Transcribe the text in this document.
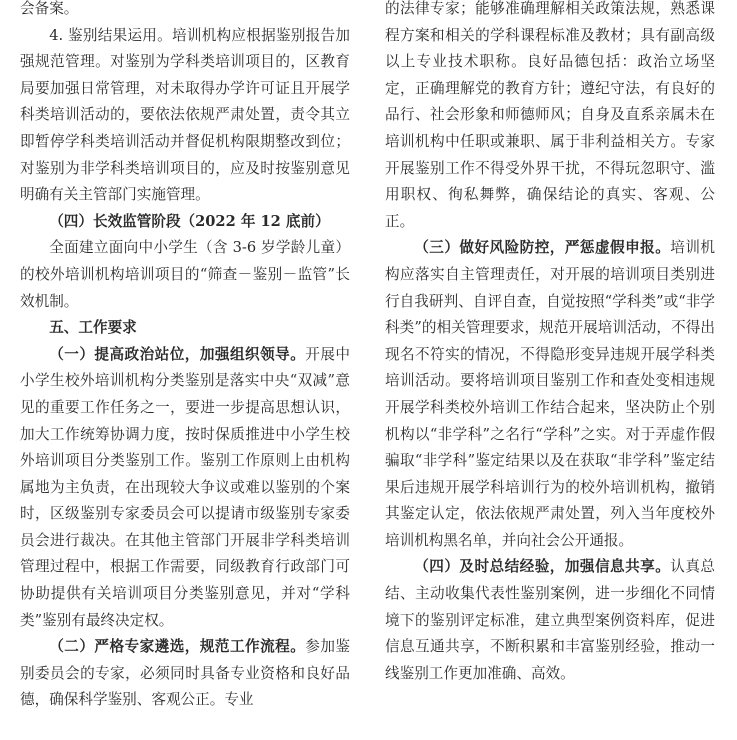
会备案。

4. 鉴别结果运用。培训机构应根据鉴别报告加强规范管理。对鉴别为学科类培训项目的，区教育局要加强日常管理，对未取得办学许可证且开展学科类培训活动的，要依法依规严肃处置，责令其立即暂停学科类培训活动并督促机构限期整改到位；对鉴别为非学科类培训项目的，应及时按鉴别意见明确有关主管部门实施管理。

（四）长效监管阶段（2022 年 12 底前）

全面建立面向中小学生（含 3-6 岁学龄儿童）的校外培训机构培训项目的“筛查－鉴别－监管”长效机制。

五、工作要求

（一）提高政治站位，加强组织领导。开展中小学生校外培训机构分类鉴别是落实中央“双减”意见的重要工作任务之一，要进一步提高思想认识，加大工作统筹协调力度，按时保质推进中小学生校外培训项目分类鉴别工作。鉴别工作原则上由机构属地为主负责，在出现较大争议或难以鉴别的个案时，区级鉴别专家委员会可以提请市级鉴别专家委员会进行裁决。在其他主管部门开展非学科类培训管理过程中，根据工作需要，同级教育行政部门可协助提供有关培训项目分类鉴别意见，并对“学科类”鉴别有最终决定权。

（二）严格专家遴选，规范工作流程。参加鉴别委员会的专家，必须同时具备专业资格和良好品德，确保科学鉴别、客观公正。专业

的法律专家；能够准确理解相关政策法规，熟悉课程方案和相关的学科课程标准及教材；具有副高级以上专业技术职称。良好品德包括：政治立场坚定，正确理解党的教育方针；遵纪守法，有良好的品行、社会形象和师德师风；自身及直系亲属未在培训机构中任职或兼职、属于非利益相关方。专家开展鉴别工作不得受外界干扰，不得玩忽职守、滥用职权、徇私舞弊，确保结论的真实、客观、公正。

（三）做好风险防控，严惩虚假申报。培训机构应落实自主管理责任，对开展的培训项目类别进行自我研判、自评自查，自觉按照“学科类”或“非学科类”的相关管理要求，规范开展培训活动，不得出现名不符实的情况，不得隐形变异违规开展学科类培训活动。要将培训项目鉴别工作和查处变相违规开展学科类校外培训工作结合起来，坚决防止个别机构以“非学科”之名行“学科”之实。对于弄虚作假骗取“非学科”鉴定结果以及在获取“非学科”鉴定结果后违规开展学科培训行为的校外培训机构，撤销其鉴定认定，依法依规严肃处置，列入当年度校外培训机构黑名单，并向社会公开通报。

（四）及时总结经验，加强信息共享。认真总结、主动收集代表性鉴别案例，进一步细化不同情境下的鉴别评定标准，建立典型案例资料库，促进信息互通共享，不断积累和丰富鉴别经验，推动一线鉴别工作更加准确、高效。
